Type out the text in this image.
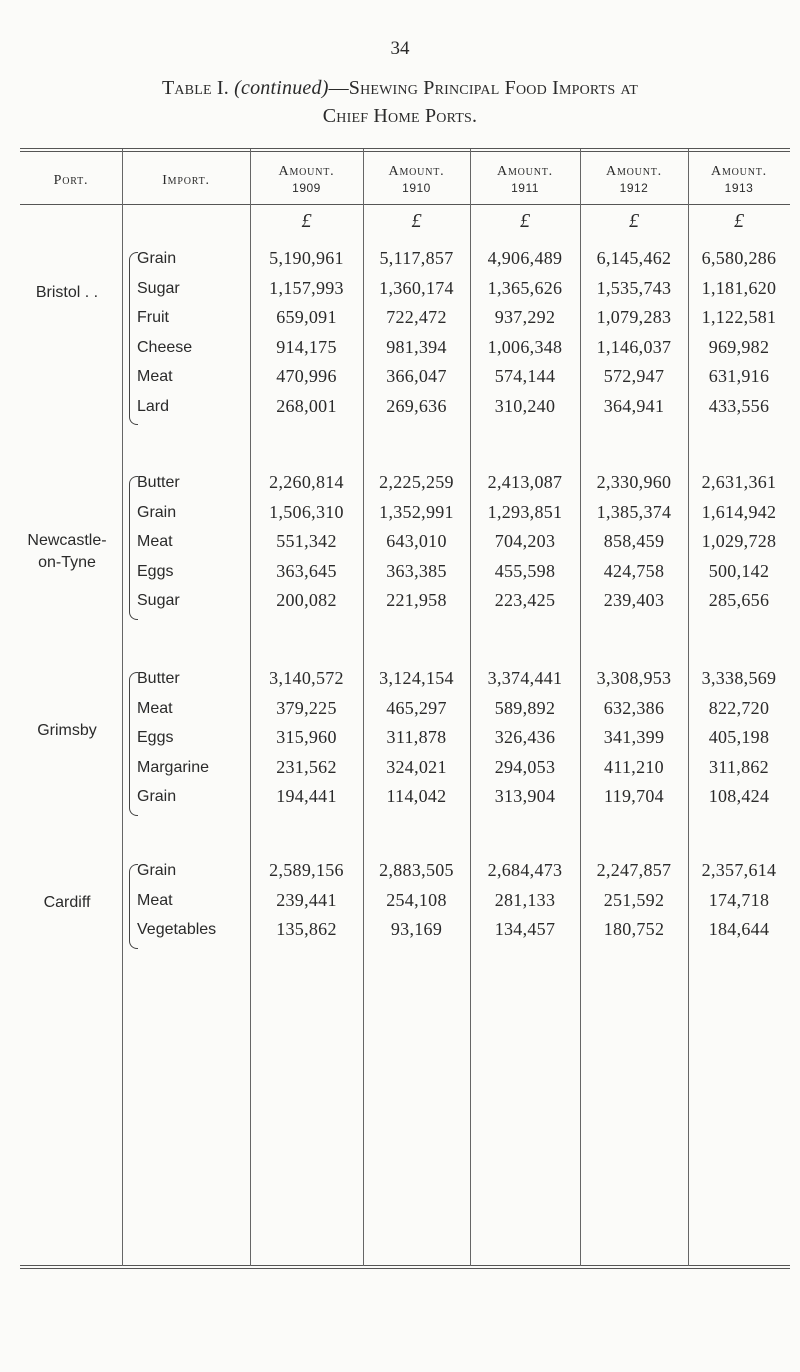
34
Table I. (continued)—Shewing Principal Food Imports at
Chief Home Ports.
Port.	Import.
Amount.
1909
Amount.
1910
Amount.
1911
Amount.
1912
Amount.
1913
£	£	£	£	£
Bristol . .
Grain	5,190,961	5,117,857	4,906,489	6,145,462	6,580,286
Sugar	1,157,993	1,360,174	1,365,626	1,535,743	1,181,620
Fruit	659,091	722,472	937,292	1,079,283	1,122,581
Cheese	914,175	981,394	1,006,348	1,146,037	969,982
Meat	470,996	366,047	574,144	572,947	631,916
Lard	268,001	269,636	310,240	364,941	433,556
Newcastle-
on-Tyne
Butter	2,260,814	2,225,259	2,413,087	2,330,960	2,631,361
Grain	1,506,310	1,352,991	1,293,851	1,385,374	1,614,942
Meat	551,342	643,010	704,203	858,459	1,029,728
Eggs	363,645	363,385	455,598	424,758	500,142
Sugar	200,082	221,958	223,425	239,403	285,656
Grimsby
Butter	3,140,572	3,124,154	3,374,441	3,308,953	3,338,569
Meat	379,225	465,297	589,892	632,386	822,720
Eggs	315,960	311,878	326,436	341,399	405,198
Margarine	231,562	324,021	294,053	411,210	311,862
Grain	194,441	114,042	313,904	119,704	108,424
Cardiff
Grain	2,589,156	2,883,505	2,684,473	2,247,857	2,357,614
Meat	239,441	254,108	281,133	251,592	174,718
Vegetables	135,862	93,169	134,457	180,752	184,644
